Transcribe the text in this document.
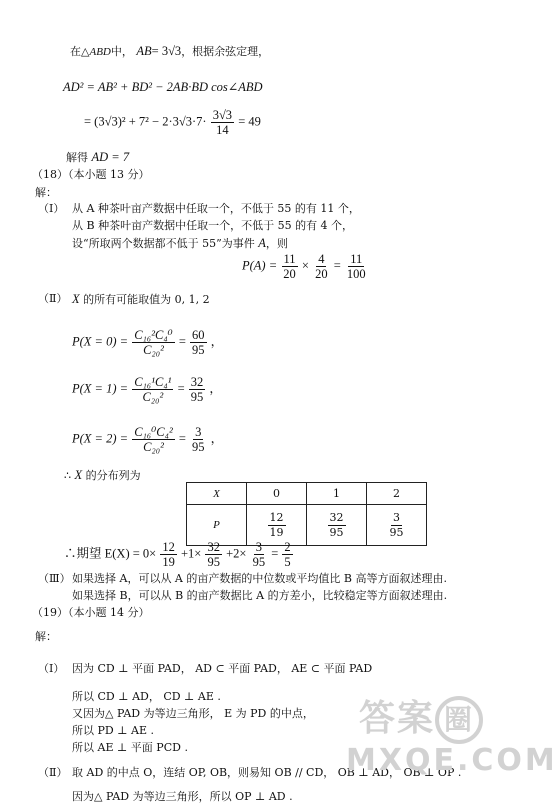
在△ABD中， AB= 3√3，根据余弦定理，
AD² = AB² + BD² − 2AB·BD cos∠ABD
= $(3√3)^2 + 7^2 - 2\cdot 3√3\cdot 7\cdot \frac{3√3}{14} = 49$
解得 AD = 7
（18）（本小题 13 分）
解：
（Ⅰ） 从 A 种茶叶亩产数据中任取一个，不低于 55 的有 11 个，
从 B 种茶叶亩产数据中任取一个，不低于 55 的有 4 个，
设“所取两个数据都不低于 55”为事件 A，则
$P(A) = \frac{11}{20} \times \frac{4}{20} = \frac{11}{100}$
（Ⅱ） X 的所有可能取值为 0, 1, 2
$P(X = 0) = \frac{\text{C₁₆²C₄⁰}}{\text{C₂₀²}} = \frac{60}{95}$ ，
$P(X = 1) = \frac{\text{C₁₆¹C₄¹}}{\text{C₂₀²}} = \frac{32}{95}$ ，
$P(X = 2) = \frac{\text{C₁₆⁰C₄²}}{\text{C₂₀²}} = \frac{3}{95}$ ，
∴ X 的分布列为
X	0	1	2
P	$\frac{12}{19}$	$\frac{32}{95}$	$\frac{3}{95}$
∴期望 $E(X) = 0\times \frac{12}{19} +1\times \frac{32}{95} +2\times \frac{3}{95} = \frac{2}{5}$
（Ⅲ） 如果选择 A，可以从 A 的亩产数据的中位数或平均值比 B 高等方面叙述理由.
如果选择 B，可以从 B 的亩产数据比 A 的方差小，比较稳定等方面叙述理由.
（19）（本小题 14 分）
解：
（Ⅰ） 因为 CD ⊥ 平面 PAD， AD ⊂ 平面 PAD， AE ⊂ 平面 PAD
所以 CD ⊥ AD， CD ⊥ AE .
又因为△ PAD 为等边三角形， E 为 PD 的中点，
所以 PD ⊥ AE .
所以 AE ⊥ 平面 PCD .
（Ⅱ） 取 AD 的中点 O，连结 OP, OB，则易知 OB // CD， OB ⊥ AD， OB ⊥ OP .
因为△ PAD 为等边三角形，所以 OP ⊥ AD .
答案 圈
MXQE.COM
